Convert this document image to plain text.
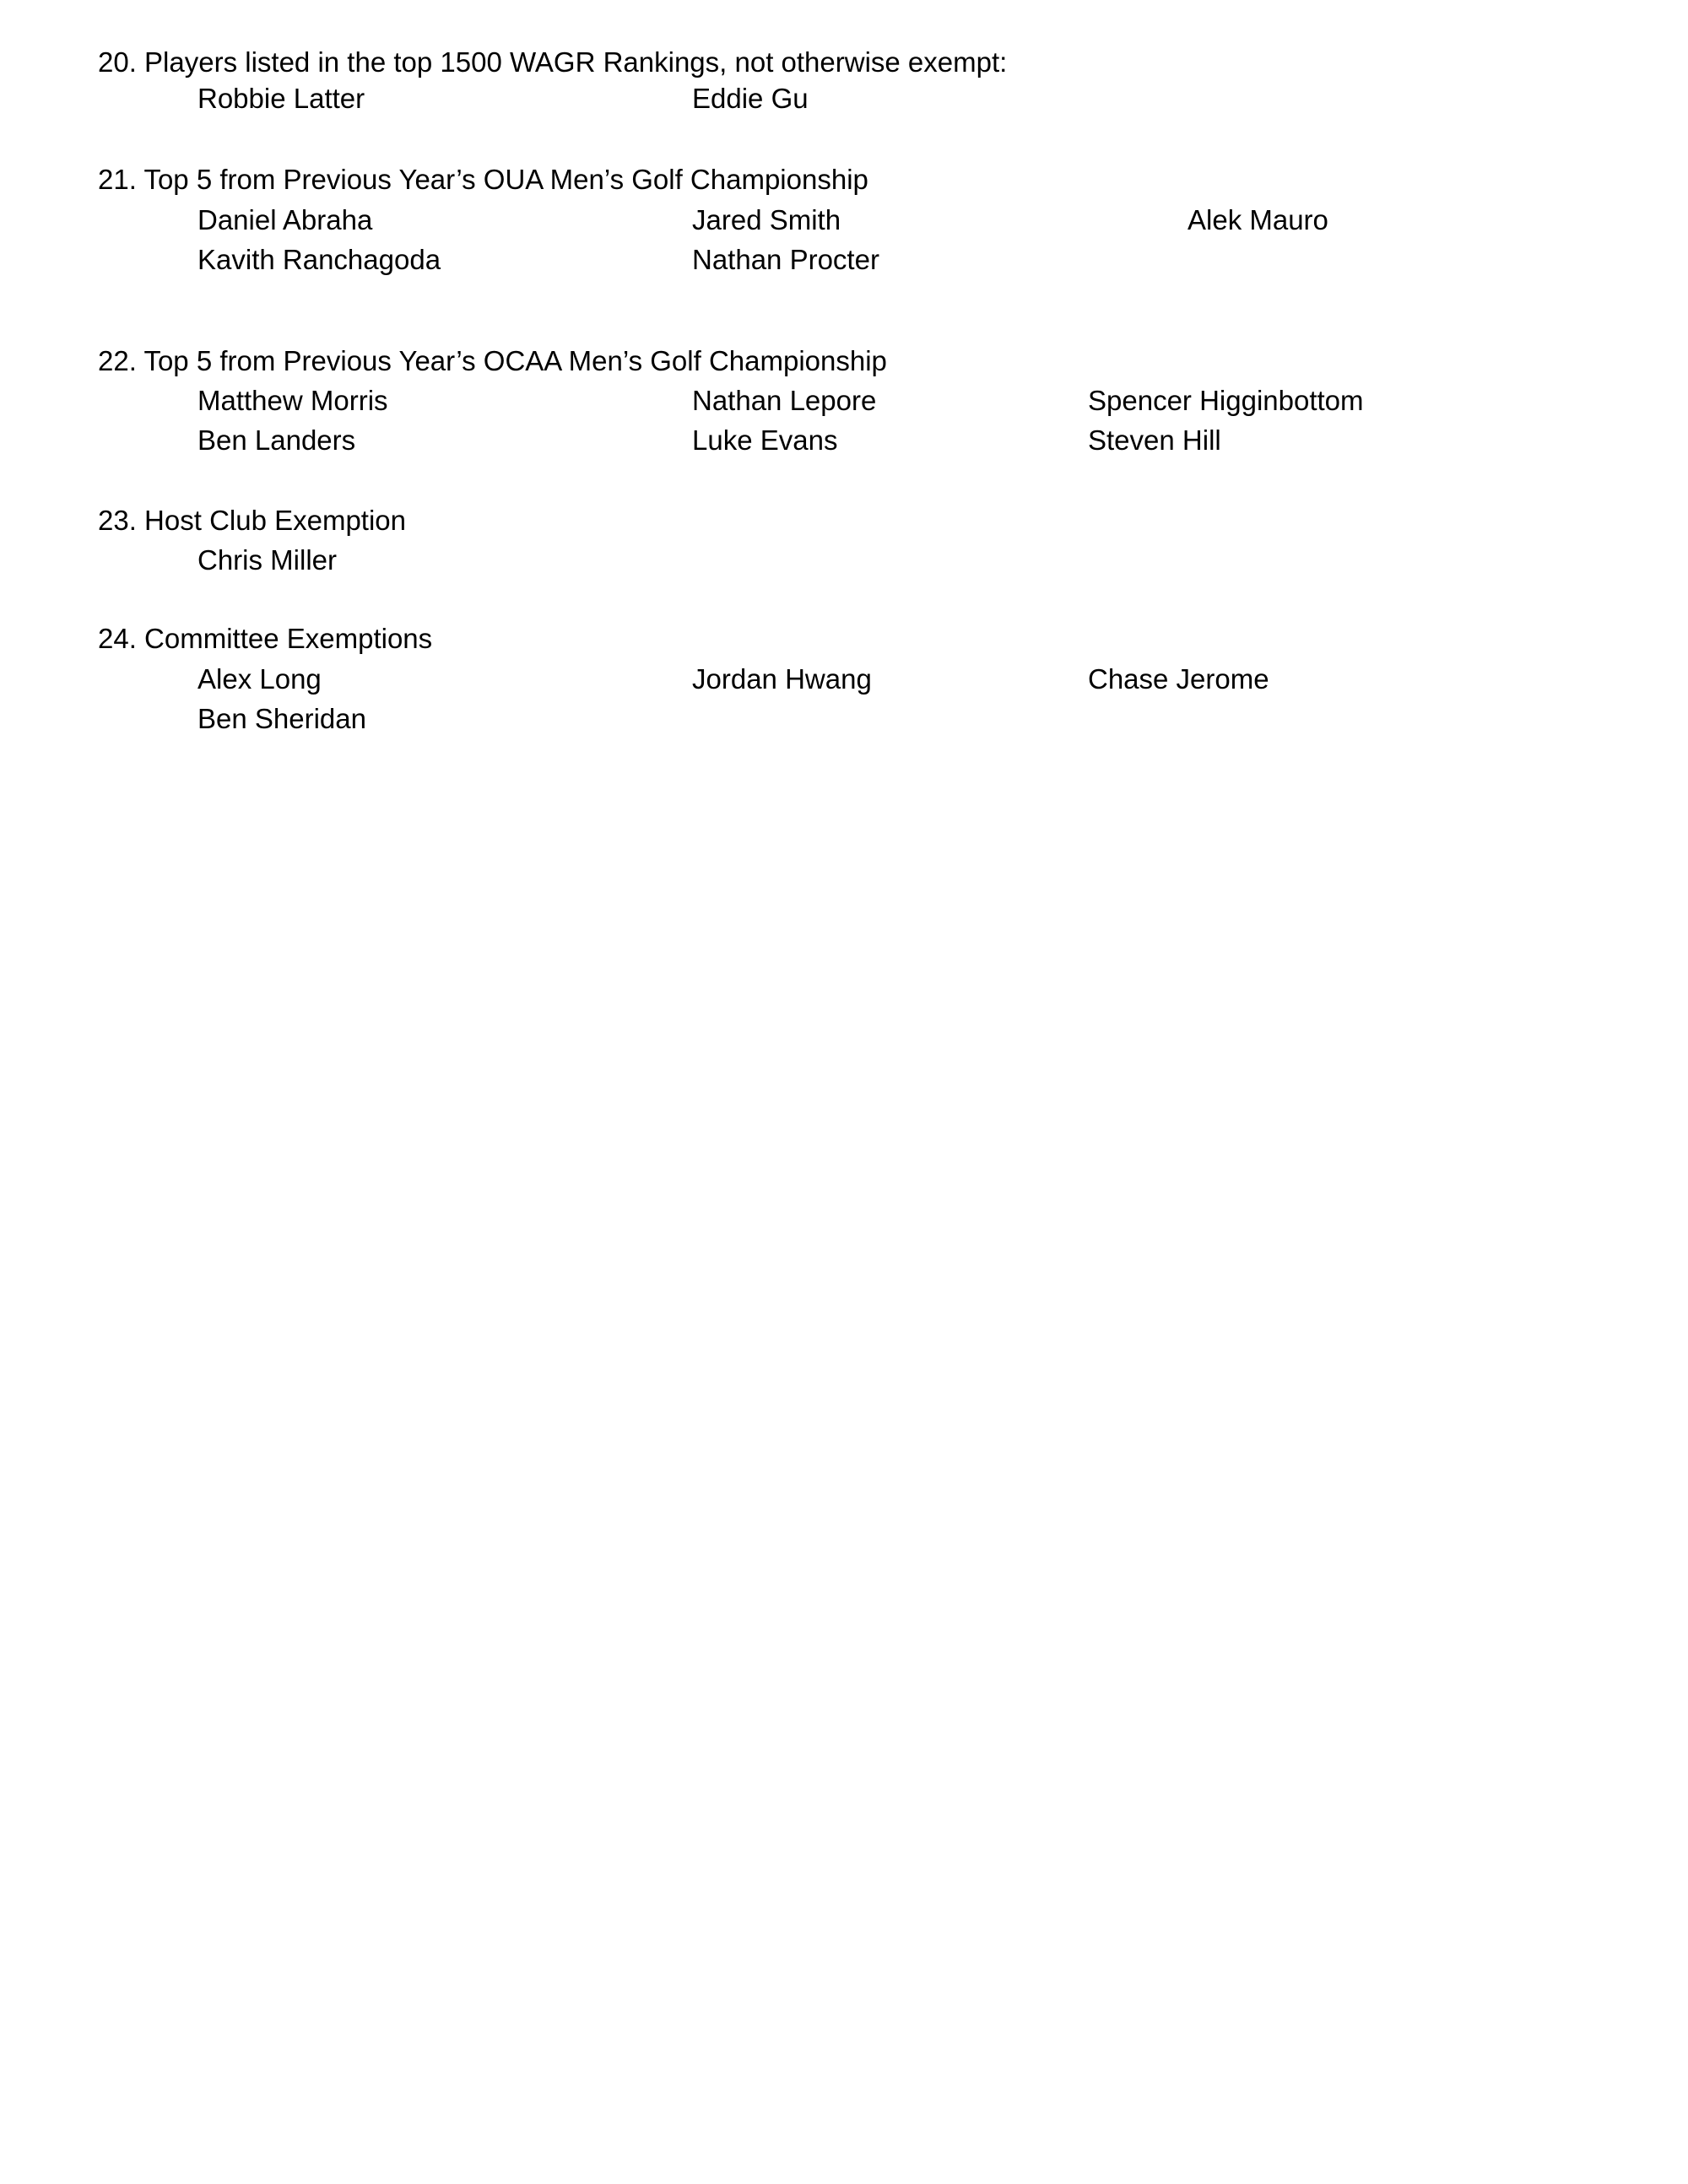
20. Players listed in the top 1500 WAGR Rankings, not otherwise exempt:

Robbie Latter	Eddie Gu

21. Top 5 from Previous Year’s OUA Men’s Golf Championship

Daniel Abraha	Jared Smith	Alek Mauro

Kavith Ranchagoda	Nathan Procter

22. Top 5 from Previous Year’s OCAA Men’s Golf Championship

Matthew Morris	Nathan Lepore	Spencer Higginbottom

Ben Landers	Luke Evans	Steven Hill

23. Host Club Exemption

Chris Miller

24. Committee Exemptions

Alex Long	Jordan Hwang	Chase Jerome

Ben Sheridan
